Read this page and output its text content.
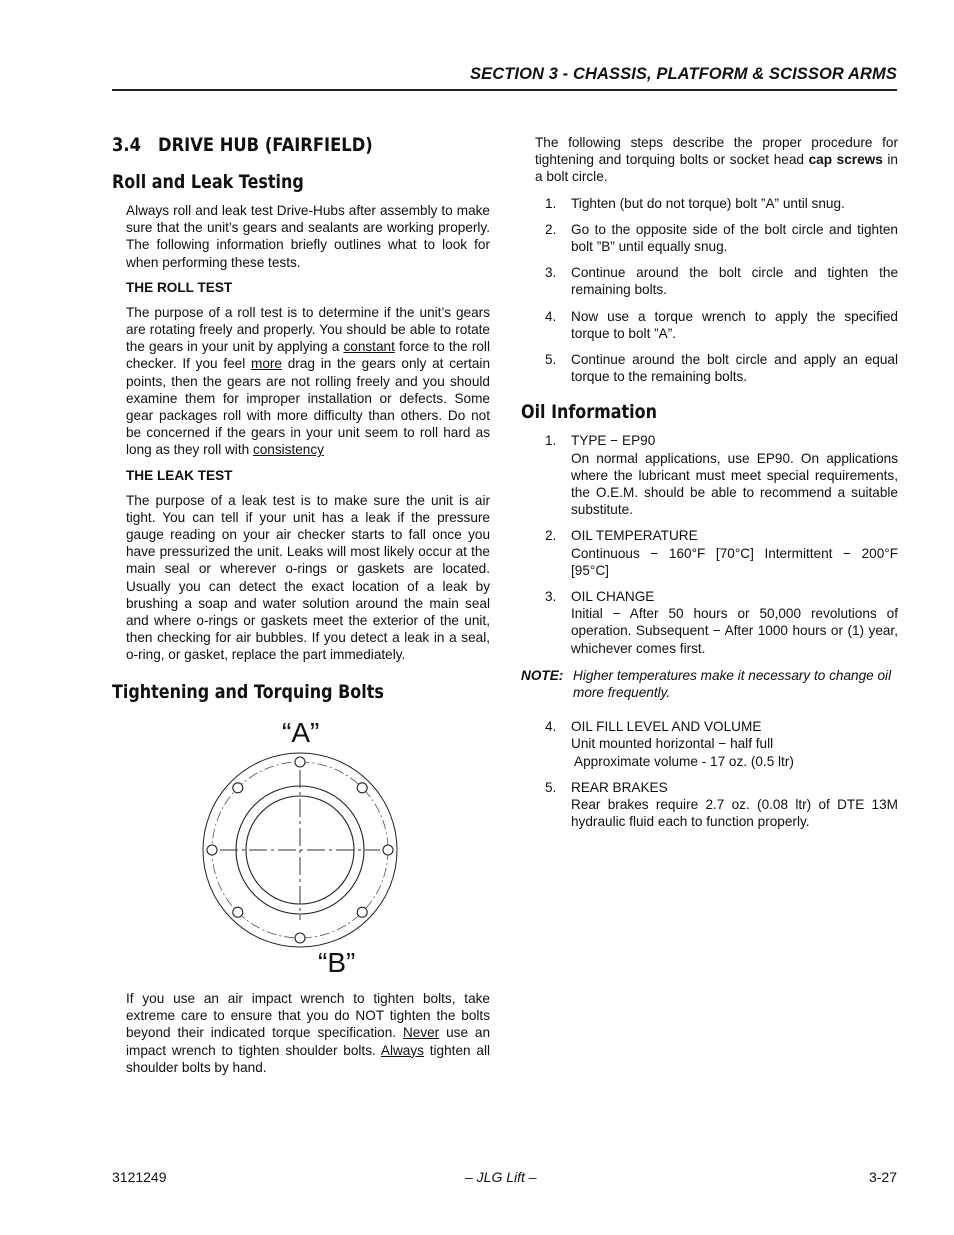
SECTION 3 - CHASSIS, PLATFORM & SCISSOR ARMS
3.4   DRIVE HUB (FAIRFIELD)
Roll and Leak Testing

Always roll and leak test Drive-Hubs after assembly to make sure that the unit’s gears and sealants are working properly. The following information briefly outlines what to look for when performing these tests.

THE ROLL TEST

The purpose of a roll test is to determine if the unit’s gears are rotating freely and properly. You should be able to rotate the gears in your unit by applying a constant force to the roll checker. If you feel more drag in the gears only at certain points, then the gears are not rolling freely and you should examine them for improper installation or defects. Some gear packages roll with more difficulty than others. Do not be concerned if the gears in your unit seem to roll hard as long as they roll with consistency

THE LEAK TEST

The purpose of a leak test is to make sure the unit is air tight. You can tell if your unit has a leak if the pressure gauge reading on your air checker starts to fall once you have pressurized the unit. Leaks will most likely occur at the main seal or wherever o-rings or gaskets are located. Usually you can detect the exact location of a leak by brushing a soap and water solution around the main seal and where o-rings or gaskets meet the exterior of the unit, then checking for air bubbles. If you detect a leak in a seal, o-ring, or gasket, replace the part immediately.

Tightening and Torquing Bolts
“A”
“B”

If you use an air impact wrench to tighten bolts, take extreme care to ensure that you do NOT tighten the bolts beyond their indicated torque specification. Never use an impact wrench to tighten shoulder bolts. Always tighten all shoulder bolts by hand.

The following steps describe the proper procedure for tightening and torquing bolts or socket head cap screws in a bolt circle.

1. Tighten (but do not torque) bolt ”A” until snug.
2. Go to the opposite side of the bolt circle and tighten bolt ”B” until equally snug.
3. Continue around the bolt circle and tighten the remaining bolts.
4. Now use a torque wrench to apply the specified torque to bolt ”A”.
5. Continue around the bolt circle and apply an equal torque to the remaining bolts.
Oil Information
1. TYPE − EP90
On normal applications, use EP90. On applications where the lubricant must meet special requirements, the O.E.M. should be able to recommend a suitable substitute.
2. OIL TEMPERATURE
Continuous − 160°F [70°C] Intermittent − 200°F [95°C]
3. OIL CHANGE
Initial − After 50 hours or 50,000 revolutions of operation. Subsequent − After 1000 hours or (1) year, whichever comes first.
NOTE: Higher temperatures make it necessary to change oil more frequently.
4. OIL FILL LEVEL AND VOLUME
Unit mounted horizontal − half full
Approximate volume - 17 oz. (0.5 ltr)
5. REAR BRAKES
Rear brakes require 2.7 oz. (0.08 ltr) of DTE 13M hydraulic fluid each to function properly.
3121249	– JLG Lift –	3-27
